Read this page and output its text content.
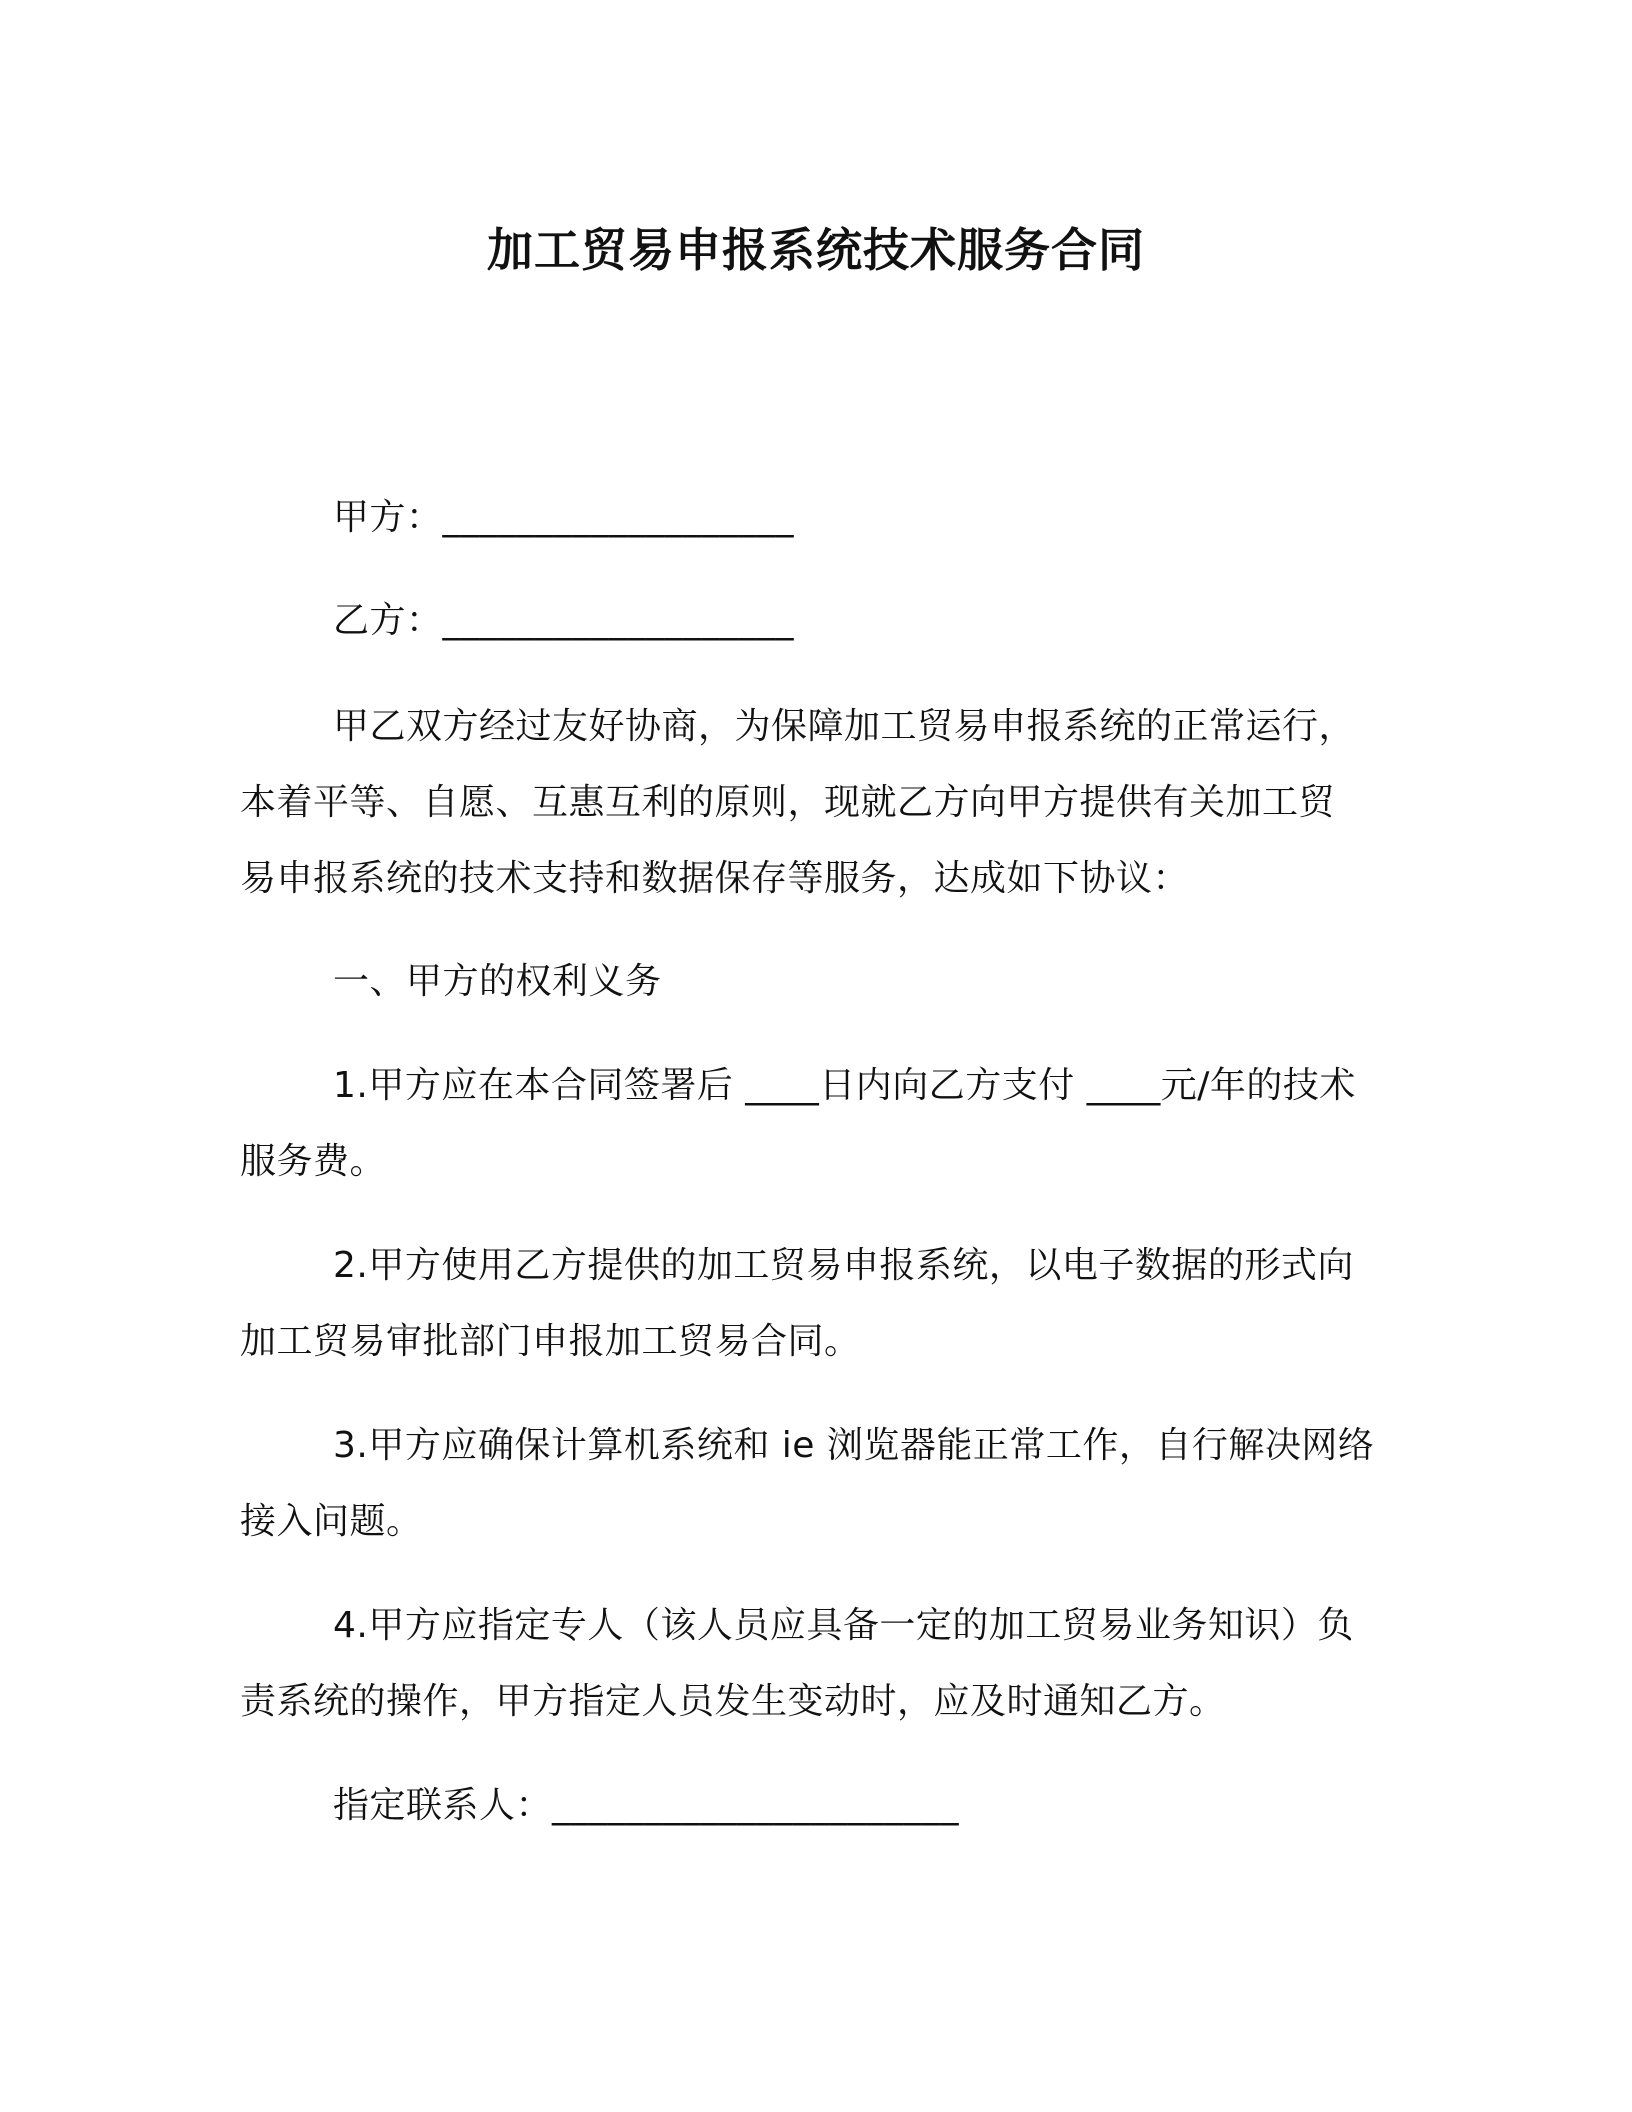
加工贸易申报系统技术服务合同
甲方：___________________
乙方：___________________
甲乙双方经过友好协商，为保障加工贸易申报系统的正常运行，
本着平等、自愿、互惠互利的原则，现就乙方向甲方提供有关加工贸
易申报系统的技术支持和数据保存等服务，达成如下协议：
一、甲方的权利义务
1.甲方应在本合同签署后 ____日内向乙方支付 ____元/年的技术
服务费。
2.甲方使用乙方提供的加工贸易申报系统，以电子数据的形式向
加工贸易审批部门申报加工贸易合同。
3.甲方应确保计算机系统和 ie 浏览器能正常工作，自行解决网络
接入问题。
4.甲方应指定专人（该人员应具备一定的加工贸易业务知识）负
责系统的操作，甲方指定人员发生变动时，应及时通知乙方。
指定联系人：______________________
